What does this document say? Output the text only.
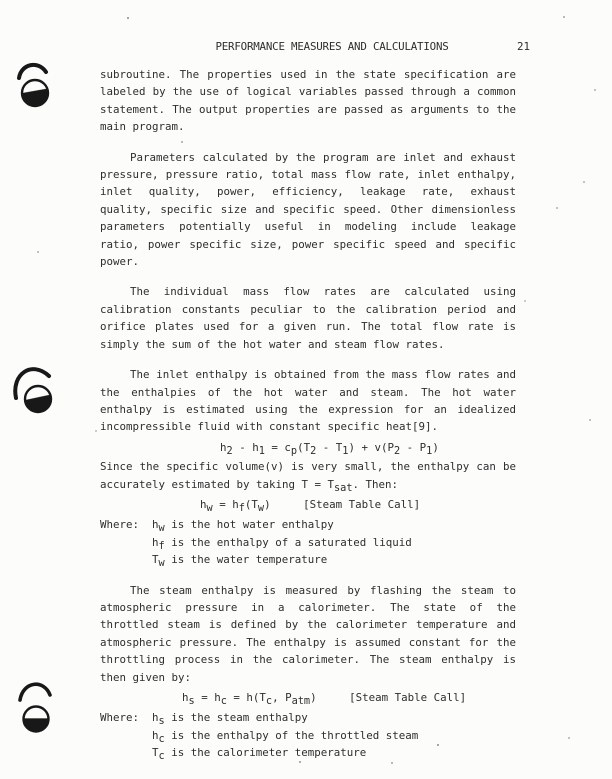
PERFORMANCE MEASURES AND CALCULATIONS	21

subroutine. The properties used in the state specification are labeled by the use of logical variables passed through a common statement. The output properties are passed as arguments to the main program.

Parameters calculated by the program are inlet and exhaust pressure, pressure ratio, total mass flow rate, inlet enthalpy, inlet quality, power, efficiency, leakage rate, exhaust quality, specific size and specific speed. Other dimensionless parameters potentially useful in modeling include leakage ratio, power specific size, power specific speed and specific power.

The individual mass flow rates are calculated using calibration constants peculiar to the calibration period and orifice plates used for a given run. The total flow rate is simply the sum of the hot water and steam flow rates.

The inlet enthalpy is obtained from the mass flow rates and the enthalpies of the hot water and steam. The hot water enthalpy is estimated using the expression for an idealized incompressible fluid with constant specific heat[9].

$h_2 - h_1 = c_p(T_2 - T_1) + v(P_2 - P_1)$

Since the specific volume(v) is very small, the enthalpy can be accurately estimated by taking $T = T_{sat}$. Then:

$h_w = h_f(T_w)$     [Steam Table Call]
Where:  $h_w$ is the hot water enthalpy
$h_f$ is the enthalpy of a saturated liquid
$T_w$ is the water temperature

The steam enthalpy is measured by flashing the steam to atmospheric pressure in a calorimeter. The state of the throttled steam is defined by the calorimeter temperature and atmospheric pressure. The enthalpy is assumed constant for the throttling process in the calorimeter. The steam enthalpy is then given by:

$h_s = h_c = h(T_c$, $P_{atm}$)     [Steam Table Call]
Where:  $h_s$ is the steam enthalpy
$h_c$ is the enthalpy of the throttled steam
$T_c$ is the calorimeter temperature
